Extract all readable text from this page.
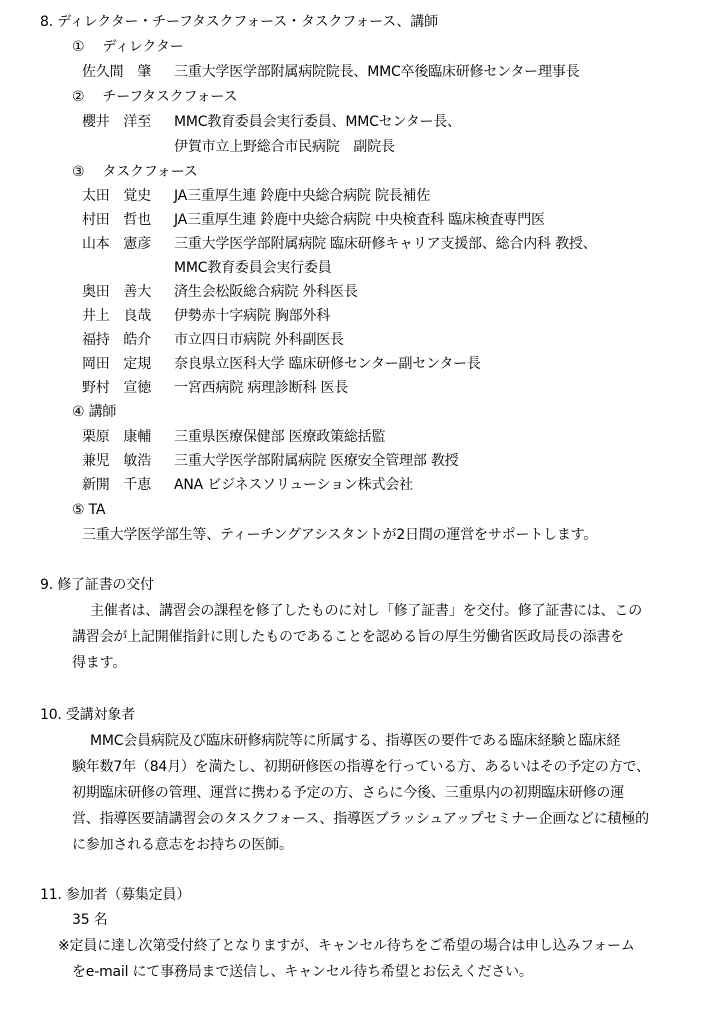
8. ディレクター・チーフタスクフォース・タスクフォース、講師
①　 ディレクター
佐久間　肇 三重大学医学部附属病院院長、MMC卒後臨床研修センター理事長
②　 チーフタスクフォース
櫻井　洋至 MMC教育委員会実行委員、MMCセンター長、
伊賀市立上野総合市民病院　副院長
③　 タスクフォース
太田　覚史 JA三重厚生連 鈴鹿中央総合病院 院長補佐
村田　哲也 JA三重厚生連 鈴鹿中央総合病院 中央検査科 臨床検査専門医
山本　憲彦 三重大学医学部附属病院 臨床研修キャリア支援部、総合内科 教授、
MMC教育委員会実行委員
奥田　善大 済生会松阪総合病院 外科医長
井上　良哉 伊勢赤十字病院 胸部外科
福持　皓介 市立四日市病院 外科副医長
岡田　定規 奈良県立医科大学 臨床研修センター副センター長
野村　宣徳 一宮西病院 病理診断科 医長
④ 講師
栗原　康輔 三重県医療保健部 医療政策総括監
兼児　敏浩 三重大学医学部附属病院 医療安全管理部 教授
新開　千恵 ANA ビジネスソリューション株式会社
⑤ TA
三重大学医学部生等、ティーチングアシスタントが2日間の運営をサポートします。
9. 修了証書の交付
主催者は、講習会の課程を修了したものに対し「修了証書」を交付。修了証書には、この
講習会が上記開催指針に則したものであることを認める旨の厚生労働省医政局長の添書を
得ます。
10. 受講対象者
MMC会員病院及び臨床研修病院等に所属する、指導医の要件である臨床経験と臨床経
験年数7年（84月）を満たし、初期研修医の指導を行っている方、あるいはその予定の方で、
初期臨床研修の管理、運営に携わる予定の方、さらに今後、三重県内の初期臨床研修の運
営、指導医要請講習会のタスクフォース、指導医ブラッシュアップセミナー企画などに積極的
に参加される意志をお持ちの医師。
11. 参加者（募集定員）
35 名
※定員に達し次第受付終了となりますが、キャンセル待ちをご希望の場合は申し込みフォーム
をe-mail にて事務局まで送信し、キャンセル待ち希望とお伝えください。
